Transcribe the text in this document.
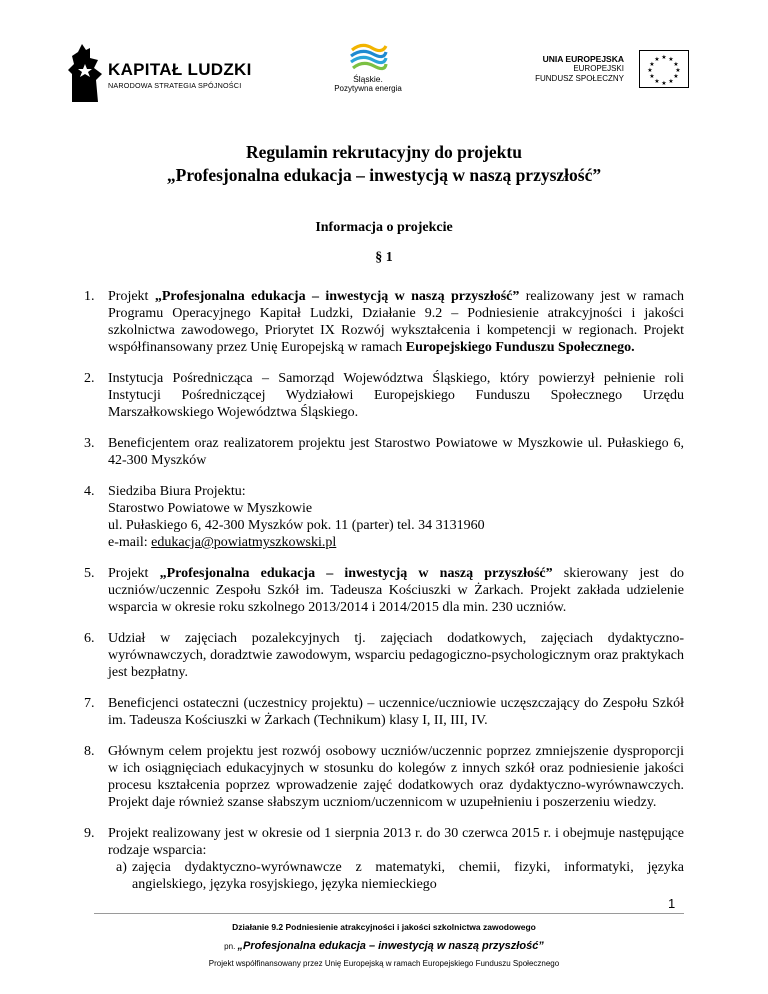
KAPITAŁ LUDZKI
NARODOWA STRATEGIA SPÓJNOŚCI
Śląskie.
Pozytywna energia
UNIA EUROPEJSKA
EUROPEJSKI
FUNDUSZ SPOŁECZNY
★ ★
★
★
★
★
★
★
★
★
★
★
Regulamin rekrutacyjny do projektu
„Profesjonalna edukacja – inwestycją w naszą przyszłość”
Informacja o projekcie
§ 1
1. Projekt „Profesjonalna edukacja – inwestycją w naszą przyszłość” realizowany jest w ramach Programu Operacyjnego Kapitał Ludzki, Działanie 9.2 – Podniesienie atrakcyjności i jakości szkolnictwa zawodowego, Priorytet IX Rozwój wykształcenia i kompetencji w regionach. Projekt współfinansowany przez Unię Europejską w ramach Europejskiego Funduszu Społecznego.
2. Instytucja Pośrednicząca – Samorząd Województwa Śląskiego, który powierzył pełnienie roli Instytucji Pośredniczącej Wydziałowi Europejskiego Funduszu Społecznego Urzędu Marszałkowskiego Województwa Śląskiego.
3. Beneficjentem oraz realizatorem projektu jest Starostwo Powiatowe w Myszkowie ul. Pułaskiego 6, 42-300 Myszków
4. Siedziba Biura Projektu:
Starostwo Powiatowe w Myszkowie
ul. Pułaskiego 6, 42-300 Myszków pok. 11 (parter) tel. 34 3131960
e-mail: edukacja@powiatmyszkowski.pl
5. Projekt „Profesjonalna edukacja – inwestycją w naszą przyszłość” skierowany jest do uczniów/uczennic Zespołu Szkół im. Tadeusza Kościuszki w Żarkach. Projekt zakłada udzielenie wsparcia w okresie roku szkolnego 2013/2014 i 2014/2015 dla min. 230 uczniów.
6. Udział w zajęciach pozalekcyjnych tj. zajęciach dodatkowych, zajęciach dydaktyczno-wyrównawczych, doradztwie zawodowym, wsparciu pedagogiczno-psychologicznym oraz praktykach jest bezpłatny.
7. Beneficjenci ostateczni (uczestnicy projektu) – uczennice/uczniowie uczęszczający do Zespołu Szkół im. Tadeusza Kościuszki w Żarkach (Technikum) klasy I, II, III, IV.
8. Głównym celem projektu jest rozwój osobowy uczniów/uczennic poprzez zmniejszenie dysproporcji w ich osiągnięciach edukacyjnych w stosunku do kolegów z innych szkół oraz podniesienie jakości procesu kształcenia poprzez wprowadzenie zajęć dodatkowych oraz dydaktyczno-wyrównawczych. Projekt daje również szanse słabszym uczniom/uczennicom w uzupełnieniu i poszerzeniu wiedzy.
9. Projekt realizowany jest w okresie od 1 sierpnia 2013 r. do 30 czerwca 2015 r. i obejmuje następujące rodzaje wsparcia:
a) zajęcia dydaktyczno-wyrównawcze z matematyki, chemii, fizyki, informatyki, języka angielskiego, języka rosyjskiego, języka niemieckiego
1
Działanie 9.2 Podniesienie atrakcyjności i jakości szkolnictwa zawodowego
pn. „Profesjonalna edukacja – inwestycją w naszą przyszłość”
Projekt współfinansowany przez Unię Europejską w ramach Europejskiego Funduszu Społecznego
